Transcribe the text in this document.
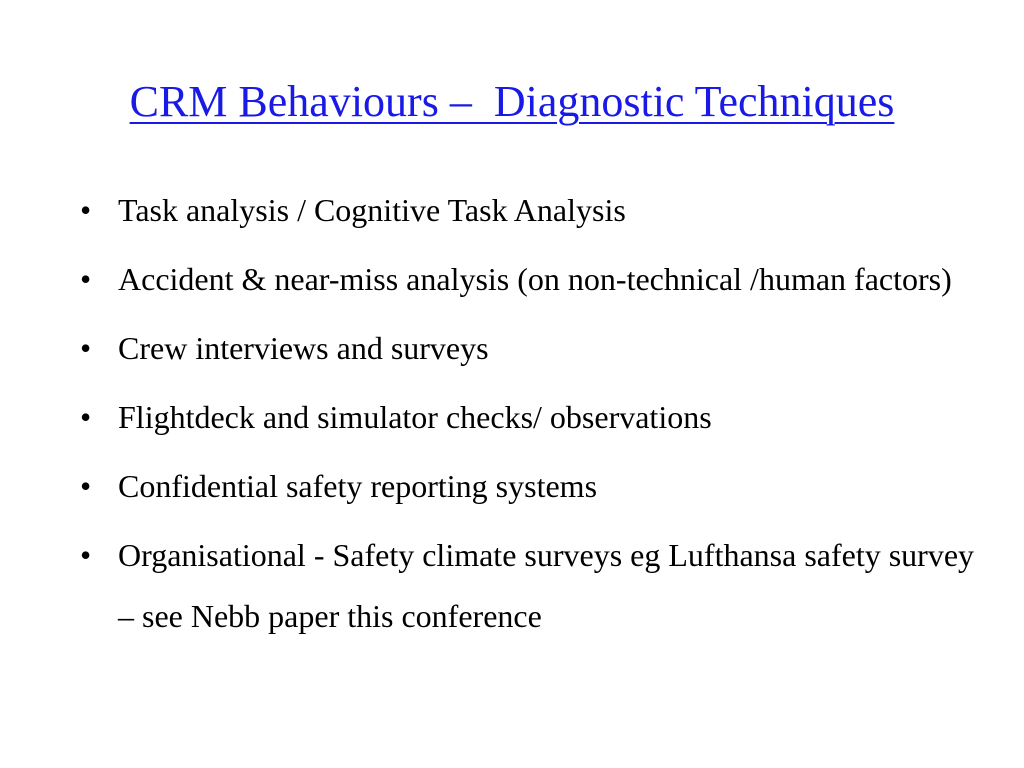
CRM Behaviours –  Diagnostic Techniques
• Task analysis / Cognitive Task Analysis
• Accident & near-miss analysis (on non-technical /human factors)
• Crew interviews and surveys
• Flightdeck and simulator checks/ observations
• Confidential safety reporting systems
• Organisational - Safety climate surveys eg Lufthansa safety survey – see Nebb paper this conference
